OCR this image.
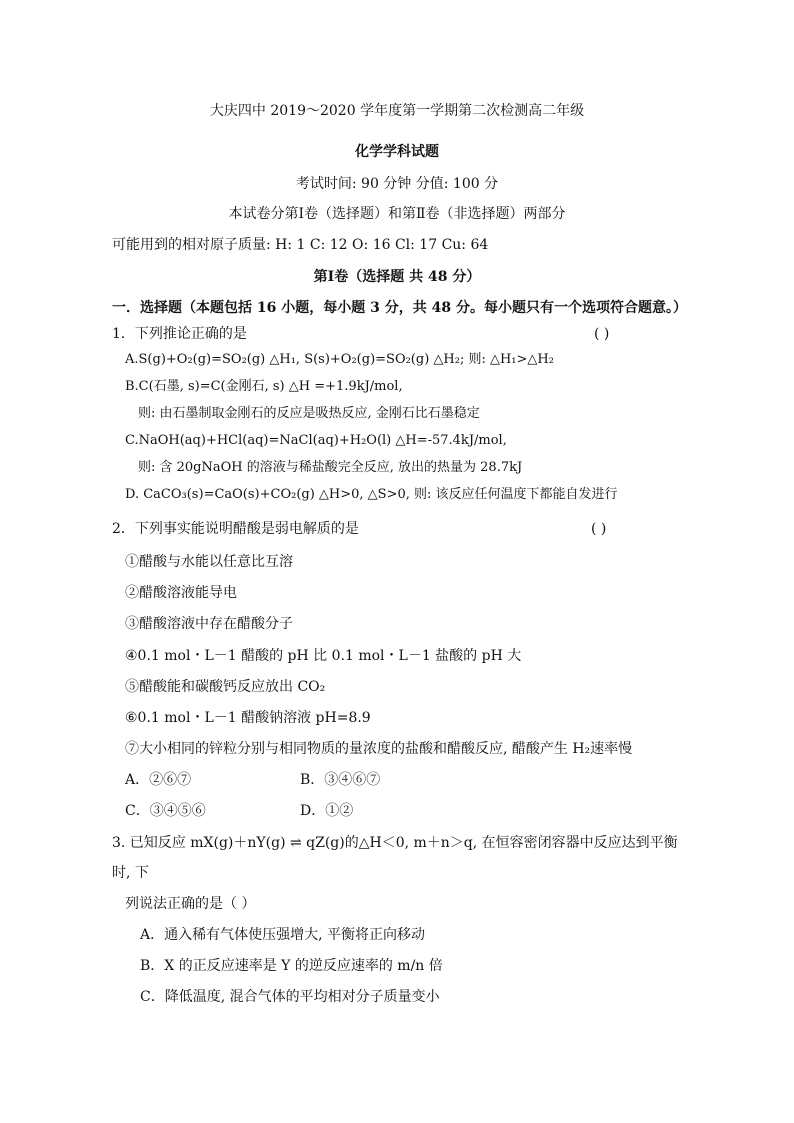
大庆四中 2019～2020 学年度第一学期第二次检测高二年级
化学学科试题
考试时间: 90 分钟 分值: 100 分
本试卷分第Ⅰ卷（选择题）和第Ⅱ卷（非选择题）两部分
可能用到的相对原子质量: H: 1 C: 12 O: 16 Cl: 17 Cu: 64
第Ⅰ卷（选择题 共 48 分）
一．选择题（本题包括 16 小题，每小题 3 分，共 48 分。每小题只有一个选项符合题意。）
1．下列推论正确的是	( )
A.S(g)+O₂(g)=SO₂(g) △H₁, S(s)+O₂(g)=SO₂(g) △H₂; 则: △H₁>△H₂
B.C(石墨, s)=C(金刚石, s) △H =+1.9kJ/mol,
则: 由石墨制取金刚石的反应是吸热反应, 金刚石比石墨稳定
C.NaOH(aq)+HCl(aq)=NaCl(aq)+H₂O(l) △H=-57.4kJ/mol,
则: 含 20gNaOH 的溶液与稀盐酸完全反应, 放出的热量为 28.7kJ
D. CaCO₃(s)=CaO(s)+CO₂(g) △H>0, △S>0, 则: 该反应任何温度下都能自发进行
2．下列事实能说明醋酸是弱电解质的是	( )
①醋酸与水能以任意比互溶
②醋酸溶液能导电
③醋酸溶液中存在醋酸分子
④0.1 mol・L－1 醋酸的 pH 比 0.1 mol・L－1 盐酸的 pH 大
⑤醋酸能和碳酸钙反应放出 CO₂
⑥0.1 mol・L－1 醋酸钠溶液 pH=8.9
⑦大小相同的锌粒分别与相同物质的量浓度的盐酸和醋酸反应, 醋酸产生 H₂速率慢
A．②⑥⑦	B．③④⑥⑦
C．③④⑤⑥	D．①②
3. 已知反应 mX(g)＋nY(g) ⇌ qZ(g)的△H＜0, m＋n＞q, 在恒容密闭容器中反应达到平衡
时, 下
列说法正确的是（ ）
A．通入稀有气体使压强增大, 平衡将正向移动
B．X 的正反应速率是 Y 的逆反应速率的 m/n 倍
C．降低温度, 混合气体的平均相对分子质量变小
